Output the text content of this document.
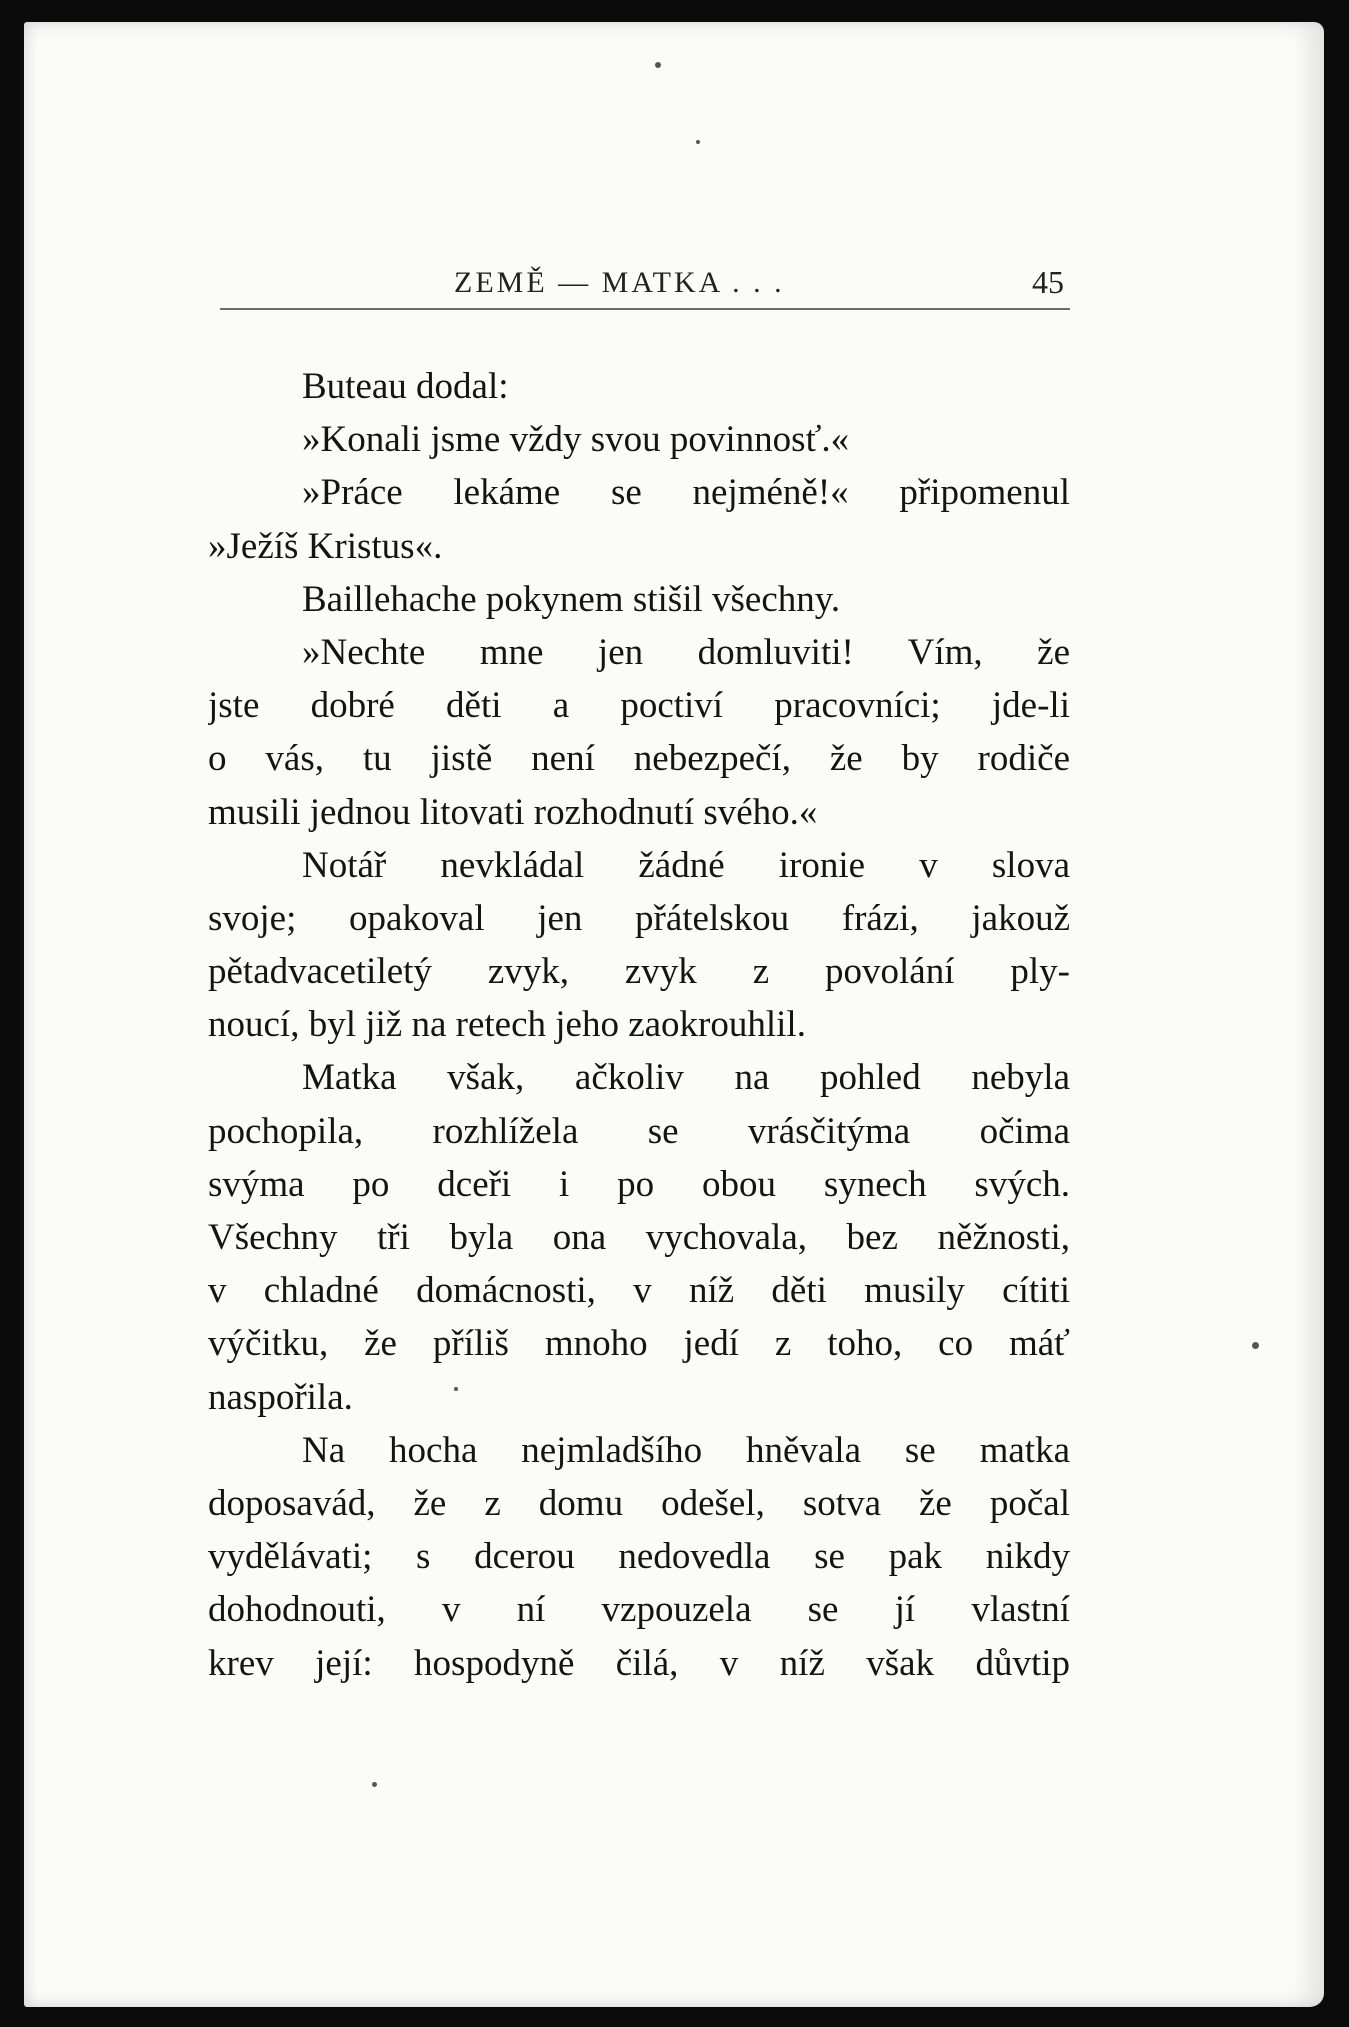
ZEMĚ — MATKA . . .	45
Buteau dodal:
»Konali jsme vždy svou povinnosť.«
»Práce lekáme se nejméně!« připomenul
»Ježíš Kristus«.
Baillehache pokynem stišil všechny.
»Nechte mne jen domluviti! Vím, že
jste dobré děti a poctiví pracovníci; jde-li
o vás, tu jistě není nebezpečí, že by rodiče
musili jednou litovati rozhodnutí svého.«
Notář nevkládal žádné ironie v slova
svoje; opakoval jen přátelskou frázi, jakouž
pětadvacetiletý zvyk, zvyk z povolání ply-
noucí, byl již na retech jeho zaokrouhlil.
Matka však, ačkoliv na pohled nebyla
pochopila, rozhlížela se vrásčitýma očima
svýma po dceři i po obou synech svých.
Všechny tři byla ona vychovala, bez něžnosti,
v chladné domácnosti, v níž děti musily cítiti
výčitku, že příliš mnoho jedí z toho, co máť
naspořila.
Na hocha nejmladšího hněvala se matka
doposavád, že z domu odešel, sotva že počal
vydělávati; s dcerou nedovedla se pak nikdy
dohodnouti, v ní vzpouzela se jí vlastní
krev její: hospodyně čilá, v níž však důvtip
